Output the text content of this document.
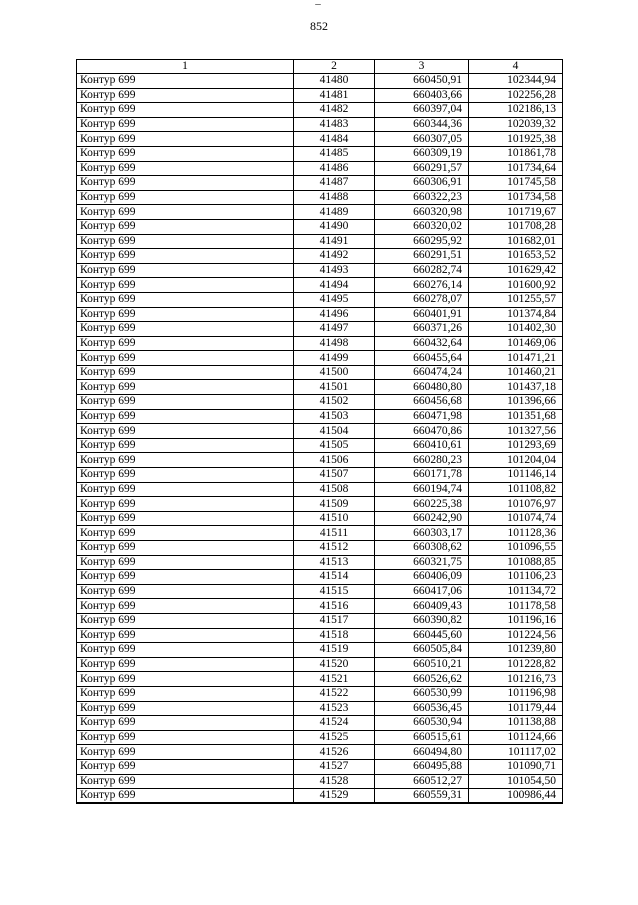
–
852
1	2	3	4
Контур 699	41480	660450,91	102344,94
Контур 699	41481	660403,66	102256,28
Контур 699	41482	660397,04	102186,13
Контур 699	41483	660344,36	102039,32
Контур 699	41484	660307,05	101925,38
Контур 699	41485	660309,19	101861,78
Контур 699	41486	660291,57	101734,64
Контур 699	41487	660306,91	101745,58
Контур 699	41488	660322,23	101734,58
Контур 699	41489	660320,98	101719,67
Контур 699	41490	660320,02	101708,28
Контур 699	41491	660295,92	101682,01
Контур 699	41492	660291,51	101653,52
Контур 699	41493	660282,74	101629,42
Контур 699	41494	660276,14	101600,92
Контур 699	41495	660278,07	101255,57
Контур 699	41496	660401,91	101374,84
Контур 699	41497	660371,26	101402,30
Контур 699	41498	660432,64	101469,06
Контур 699	41499	660455,64	101471,21
Контур 699	41500	660474,24	101460,21
Контур 699	41501	660480,80	101437,18
Контур 699	41502	660456,68	101396,66
Контур 699	41503	660471,98	101351,68
Контур 699	41504	660470,86	101327,56
Контур 699	41505	660410,61	101293,69
Контур 699	41506	660280,23	101204,04
Контур 699	41507	660171,78	101146,14
Контур 699	41508	660194,74	101108,82
Контур 699	41509	660225,38	101076,97
Контур 699	41510	660242,90	101074,74
Контур 699	41511	660303,17	101128,36
Контур 699	41512	660308,62	101096,55
Контур 699	41513	660321,75	101088,85
Контур 699	41514	660406,09	101106,23
Контур 699	41515	660417,06	101134,72
Контур 699	41516	660409,43	101178,58
Контур 699	41517	660390,82	101196,16
Контур 699	41518	660445,60	101224,56
Контур 699	41519	660505,84	101239,80
Контур 699	41520	660510,21	101228,82
Контур 699	41521	660526,62	101216,73
Контур 699	41522	660530,99	101196,98
Контур 699	41523	660536,45	101179,44
Контур 699	41524	660530,94	101138,88
Контур 699	41525	660515,61	101124,66
Контур 699	41526	660494,80	101117,02
Контур 699	41527	660495,88	101090,71
Контур 699	41528	660512,27	101054,50
Контур 699	41529	660559,31	100986,44
